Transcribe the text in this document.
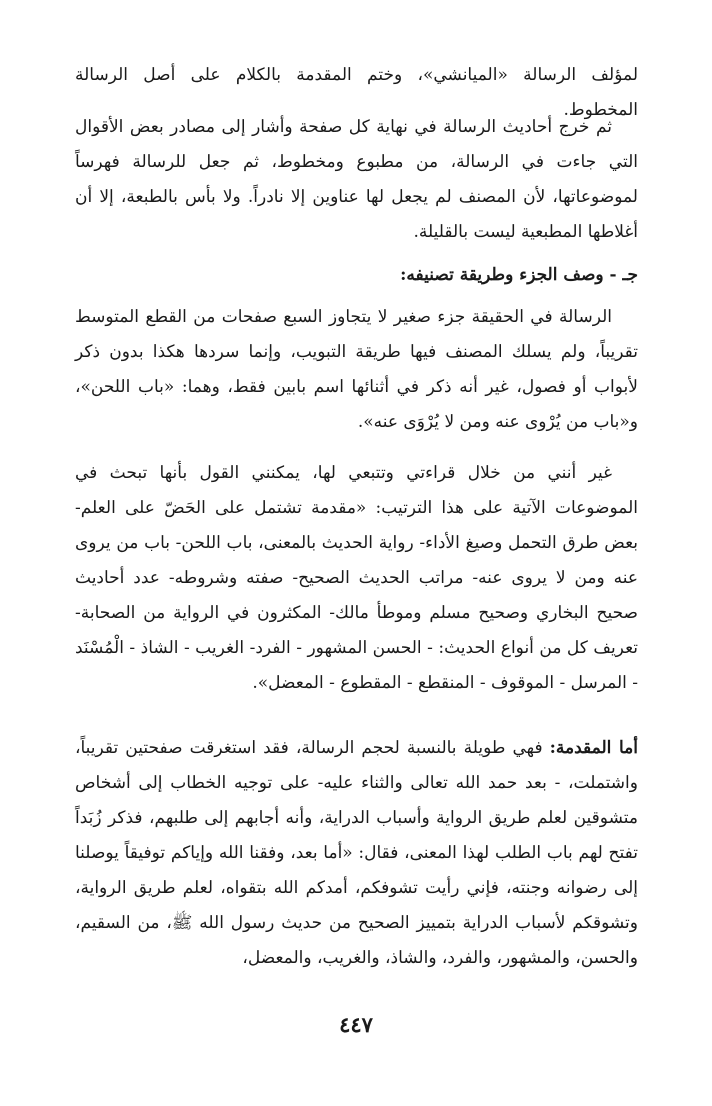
لمؤلف الرسالة «الميانشي»، وختم المقدمة بالكلام على أصل الرسالة المخطوط.

ثم خرج أحاديث الرسالة في نهاية كل صفحة وأشار إلى مصادر بعض الأقوال التي جاءت في الرسالة، من مطبوع ومخطوط، ثم جعل للرسالة فهرساً لموضوعاتها، لأن المصنف لم يجعل لها عناوين إلا نادراً. ولا بأس بالطبعة، إلا أن أغلاطها المطبعية ليست بالقليلة.

جـ - وصف الجزء وطريقة تصنيفه:

الرسالة في الحقيقة جزء صغير لا يتجاوز السبع صفحات من القطع المتوسط تقريباً، ولم يسلك المصنف فيها طريقة التبويب، وإنما سردها هكذا بدون ذكر لأبواب أو فصول، غير أنه ذكر في أثنائها اسم بابين فقط، وهما: «باب اللحن»، و«باب من يُرْوى عنه ومن لا يُرْوَى عنه».

غير أنني من خلال قراءتي وتتبعي لها، يمكنني القول بأنها تبحث في الموضوعات الآتية على هذا الترتيب: «مقدمة تشتمل على الحَضّ على العلم- بعض طرق التحمل وصيغ الأداء- رواية الحديث بالمعنى، باب اللحن- باب من يروى عنه ومن لا يروى عنه- مراتب الحديث الصحيح- صفته وشروطه- عدد أحاديث صحيح البخاري وصحيح مسلم وموطأ مالك- المكثرون في الرواية من الصحابة- تعريف كل من أنواع الحديث: - الحسن المشهور - الفرد- الغريب - الشاذ - الْمُسْنَد - المرسل - الموقوف - المنقطع - المقطوع - المعضل».

أما المقدمة: فهي طويلة بالنسبة لحجم الرسالة، فقد استغرقت صفحتين تقريباً، واشتملت، - بعد حمد الله تعالى والثناء عليه- على توجيه الخطاب إلى أشخاص متشوقين لعلم طريق الرواية وأسباب الدراية، وأنه أجابهم إلى طلبهم، فذكر زُبَداً تفتح لهم باب الطلب لهذا المعنى، فقال: «أما بعد، وفقنا الله وإياكم توفيقاً يوصلنا إلى رضوانه وجنته، فإني رأيت تشوفكم، أمدكم الله بتقواه، لعلم طريق الرواية، وتشوقكم لأسباب الدراية بتمييز الصحيح من حديث رسول الله ﷺ، من السقيم، والحسن، والمشهور، والفرد، والشاذ، والغريب، والمعضل،

٤٤٧
